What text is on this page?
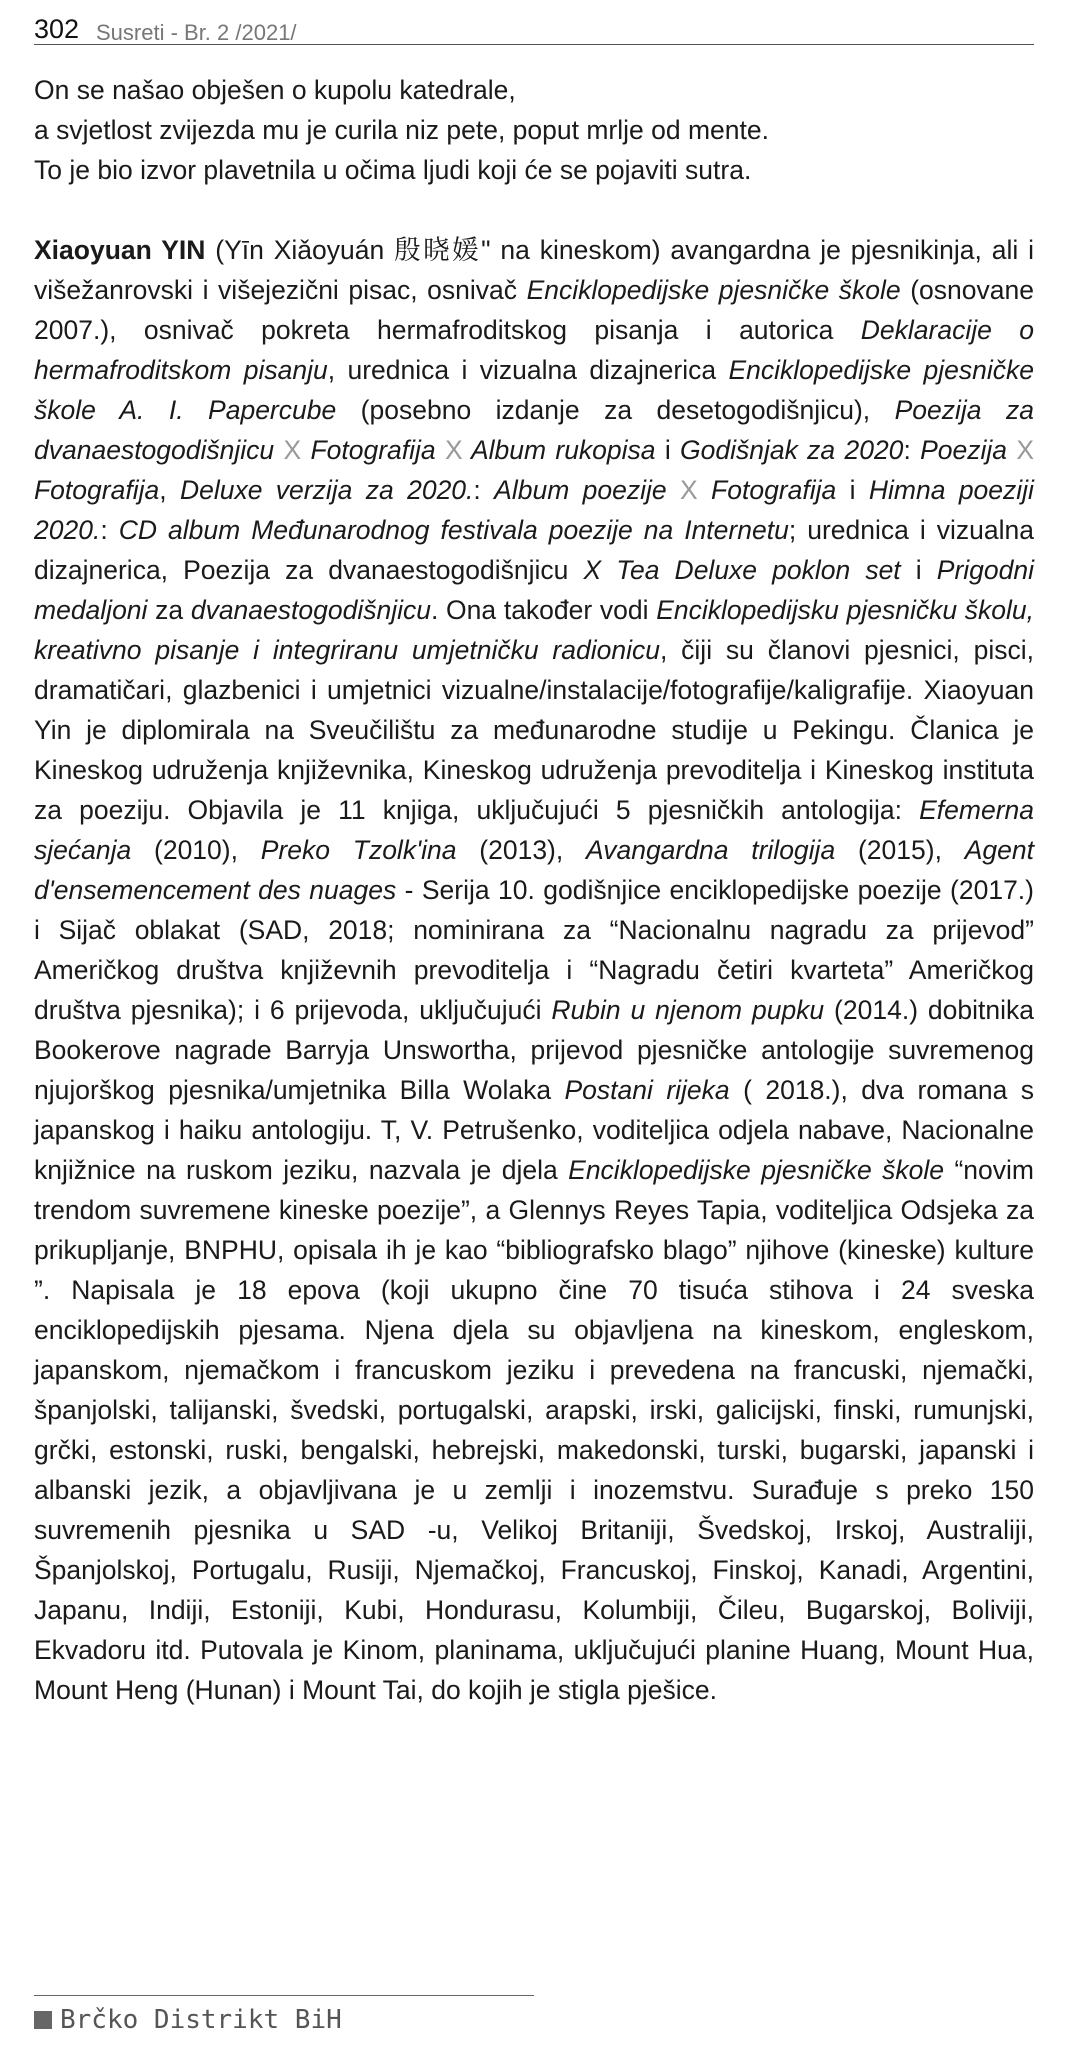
302 Susreti - Br. 2 /2021/

On se našao obješen o kupolu katedrale,

a svjetlost zvijezda mu je curila niz pete, poput mrlje od mente.

To je bio izvor plavetnila u očima ljudi koji će se pojaviti sutra.

Xiaoyuan YIN (Yīn Xiǎoyuán 殷晓媛" na kineskom) avangardna je pjesnikinja, ali i višežanrovski i višejezični pisac, osnivač Enciklopedijske pjesničke škole (osnovane 2007.), osnivač pokreta hermafroditskog pisanja i autorica Deklaracije o hermafroditskom pisanju, urednica i vizualna dizajnerica Enciklopedijske pjesničke škole A. I. Papercube (posebno izdanje za desetogodišnjicu), Poezija za dvanaestogodišnjicu X Fotografija X Album rukopisa i Godišnjak za 2020: Poezija X Fotografija, Deluxe verzija za 2020.: Album poezije X Fotografija i Himna poeziji 2020.: CD album Međunarodnog festivala poezije na Internetu; urednica i vizualna dizajnerica, Poezija za dvanaestogodišnjicu X Tea Deluxe poklon set i Prigodni medaljoni za dvanaestogodišnjicu. Ona također vodi Enciklopedijsku pjesničku školu, kreativno pisanje i integriranu umjetničku radionicu, čiji su članovi pjesnici, pisci, dramatičari, glazbenici i umjetnici vizualne/instalacije/fotografije/kaligrafije. Xiaoyuan Yin je diplomirala na Sveučilištu za međunarodne studije u Pekingu. Članica je Kineskog udruženja književnika, Kineskog udruženja prevoditelja i Kineskog instituta za poeziju. Objavila je 11 knjiga, uključujući 5 pjesničkih antologija: Efemerna sjećanja (2010), Preko Tzolk'ina (2013), Avangardna trilogija (2015), Agent d'ensemencement des nuages - Serija 10. godišnjice enciklopedijske poezije (2017.) i Sijač oblakat (SAD, 2018; nominirana za “Nacionalnu nagradu za prijevod” Američkog društva književnih prevoditelja i “Nagradu četiri kvarteta” Američkog društva pjesnika); i 6 prijevoda, uključujući Rubin u njenom pupku (2014.) dobitnika Bookerove nagrade Barryja Unswortha, prijevod pjesničke antologije suvremenog njujorškog pjesnika/umjetnika Billa Wolaka Postani rijeka ( 2018.), dva romana s japanskog i haiku antologiju. T, V. Petrušenko, voditeljica odjela nabave, Nacionalne knjižnice na ruskom jeziku, nazvala je djela Enciklopedijske pjesničke škole “novim trendom suvremene kineske poezije”, a Glennys Reyes Tapia, voditeljica Odsjeka za prikupljanje, BNPHU, opisala ih je kao “bibliografsko blago” njihove (kineske) kulture ”. Napisala je 18 epova (koji ukupno čine 70 tisuća stihova i 24 sveska enciklopedijskih pjesama. Njena djela su objavljena na kineskom, engleskom, japanskom, njemačkom i francuskom jeziku i prevedena na francuski, njemački, španjolski, talijanski, švedski, portugalski, arapski, irski, galicijski, finski, rumunjski, grčki, estonski, ruski, bengalski, hebrejski, makedonski, turski, bugarski, japanski i albanski jezik, a objavljivana je u zemlji i inozemstvu. Surađuje s preko 150 suvremenih pjesnika u SAD -u, Velikoj Britaniji, Švedskoj, Irskoj, Australiji, Španjolskoj, Portugalu, Rusiji, Njemačkoj, Francuskoj, Finskoj, Kanadi, Argentini, Japanu, Indiji, Estoniji, Kubi, Hondurasu, Kolumbiji, Čileu, Bugarskoj, Boliviji, Ekvadoru itd. Putovala je Kinom, planinama, uključujući planine Huang, Mount Hua, Mount Heng (Hunan) i Mount Tai, do kojih je stigla pješice.

Brčko Distrikt BiH
